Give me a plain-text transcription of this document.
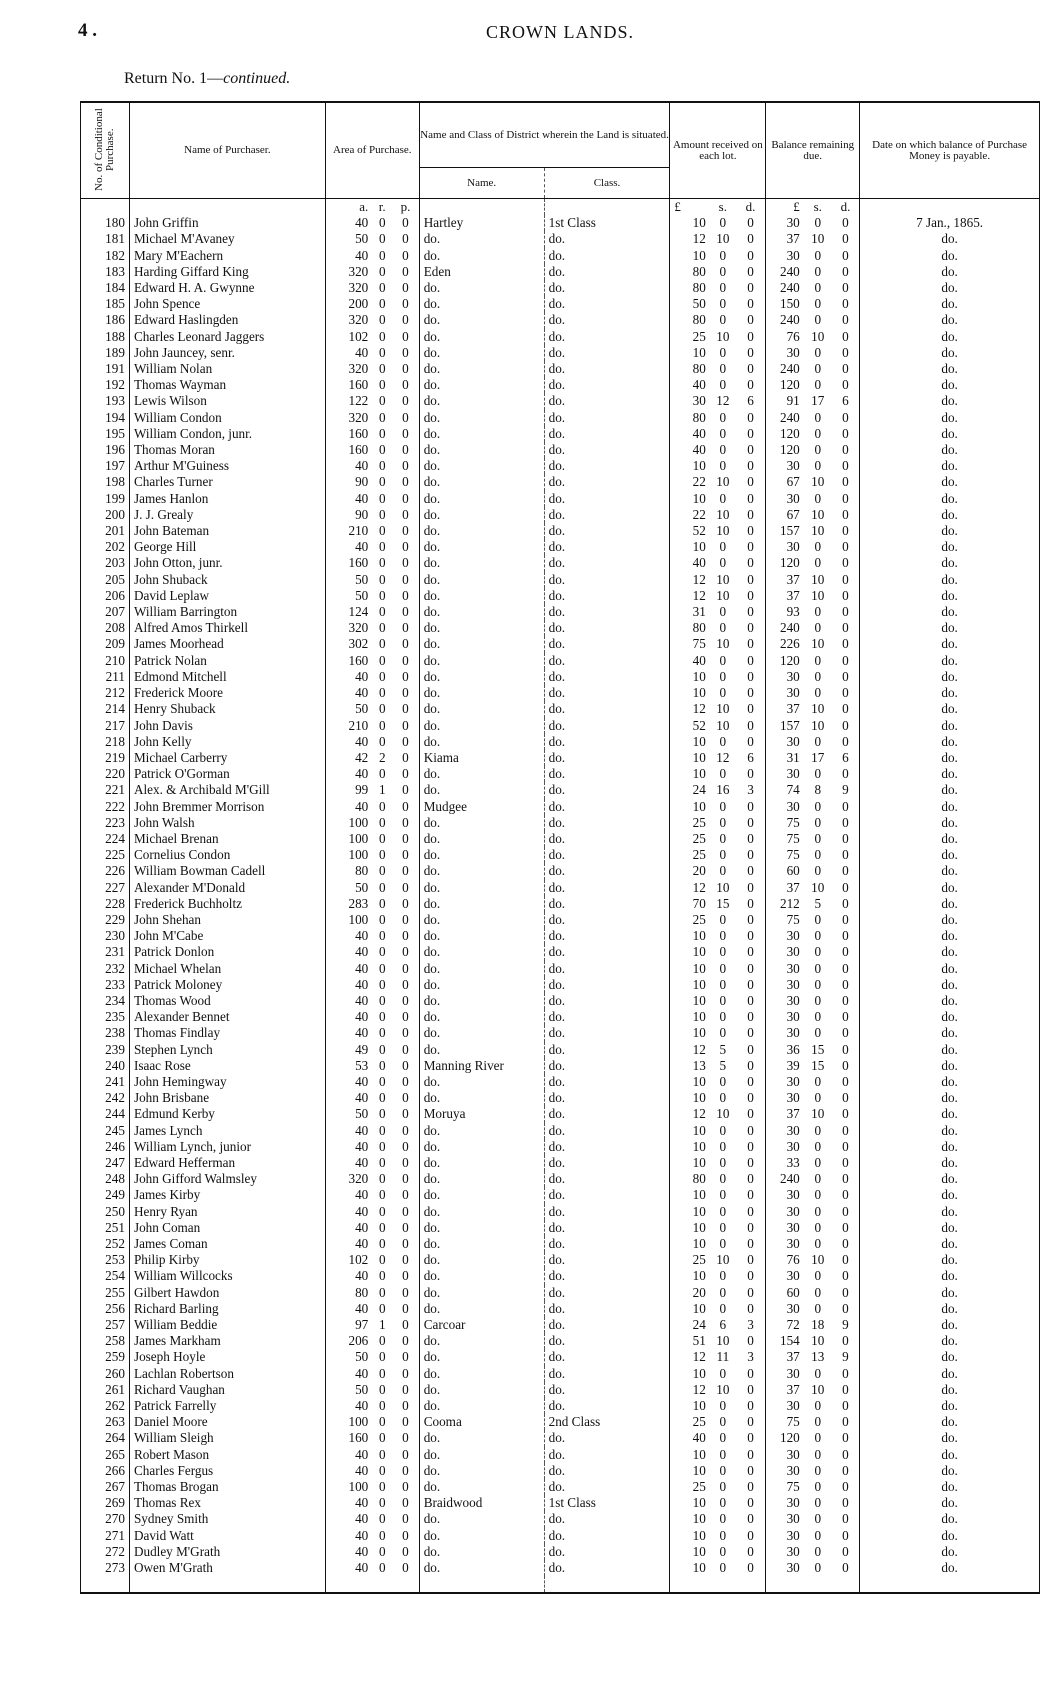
4 .	CROWN LANDS.
Return No. 1—continued.
No. of Conditional Purchase.	Name of Purchaser.	Area of Purchase.			Name and Class of District wherein the Land is situated.		Amount received on each lot.			Balance remaining due.			Date on which balance of Purchase Money is payable.
					Name.	Class.							
		a.	r.	p.			£	s.	d.	£	s.	d.	
180	John Griffin	40	0	0	Hartley	1st Class	10	0	0	30	0	0	7 Jan., 1865.
181	Michael M'Avaney	50	0	0	do.	do.	12	10	0	37	10	0	do.
182	Mary M'Eachern	40	0	0	do.	do.	10	0	0	30	0	0	do.
183	Harding Giffard King	320	0	0	Eden	do.	80	0	0	240	0	0	do.
184	Edward H. A. Gwynne	320	0	0	do.	do.	80	0	0	240	0	0	do.
185	John Spence	200	0	0	do.	do.	50	0	0	150	0	0	do.
186	Edward Haslingden	320	0	0	do.	do.	80	0	0	240	0	0	do.
188	Charles Leonard Jaggers	102	0	0	do.	do.	25	10	0	76	10	0	do.
189	John Jauncey, senr.	40	0	0	do.	do.	10	0	0	30	0	0	do.
191	William Nolan	320	0	0	do.	do.	80	0	0	240	0	0	do.
192	Thomas Wayman	160	0	0	do.	do.	40	0	0	120	0	0	do.
193	Lewis Wilson	122	0	0	do.	do.	30	12	6	91	17	6	do.
194	William Condon	320	0	0	do.	do.	80	0	0	240	0	0	do.
195	William Condon, junr.	160	0	0	do.	do.	40	0	0	120	0	0	do.
196	Thomas Moran	160	0	0	do.	do.	40	0	0	120	0	0	do.
197	Arthur M'Guiness	40	0	0	do.	do.	10	0	0	30	0	0	do.
198	Charles Turner	90	0	0	do.	do.	22	10	0	67	10	0	do.
199	James Hanlon	40	0	0	do.	do.	10	0	0	30	0	0	do.
200	J. J. Grealy	90	0	0	do.	do.	22	10	0	67	10	0	do.
201	John Bateman	210	0	0	do.	do.	52	10	0	157	10	0	do.
202	George Hill	40	0	0	do.	do.	10	0	0	30	0	0	do.
203	John Otton, junr.	160	0	0	do.	do.	40	0	0	120	0	0	do.
205	John Shuback	50	0	0	do.	do.	12	10	0	37	10	0	do.
206	David Leplaw	50	0	0	do.	do.	12	10	0	37	10	0	do.
207	William Barrington	124	0	0	do.	do.	31	0	0	93	0	0	do.
208	Alfred Amos Thirkell	320	0	0	do.	do.	80	0	0	240	0	0	do.
209	James Moorhead	302	0	0	do.	do.	75	10	0	226	10	0	do.
210	Patrick Nolan	160	0	0	do.	do.	40	0	0	120	0	0	do.
211	Edmond Mitchell	40	0	0	do.	do.	10	0	0	30	0	0	do.
212	Frederick Moore	40	0	0	do.	do.	10	0	0	30	0	0	do.
214	Henry Shuback	50	0	0	do.	do.	12	10	0	37	10	0	do.
217	John Davis	210	0	0	do.	do.	52	10	0	157	10	0	do.
218	John Kelly	40	0	0	do.	do.	10	0	0	30	0	0	do.
219	Michael Carberry	42	2	0	Kiama	do.	10	12	6	31	17	6	do.
220	Patrick O'Gorman	40	0	0	do.	do.	10	0	0	30	0	0	do.
221	Alex. & Archibald M'Gill	99	1	0	do.	do.	24	16	3	74	8	9	do.
222	John Bremmer Morrison	40	0	0	Mudgee	do.	10	0	0	30	0	0	do.
223	John Walsh	100	0	0	do.	do.	25	0	0	75	0	0	do.
224	Michael Brenan	100	0	0	do.	do.	25	0	0	75	0	0	do.
225	Cornelius Condon	100	0	0	do.	do.	25	0	0	75	0	0	do.
226	William Bowman Cadell	80	0	0	do.	do.	20	0	0	60	0	0	do.
227	Alexander M'Donald	50	0	0	do.	do.	12	10	0	37	10	0	do.
228	Frederick Buchholtz	283	0	0	do.	do.	70	15	0	212	5	0	do.
229	John Shehan	100	0	0	do.	do.	25	0	0	75	0	0	do.
230	John M'Cabe	40	0	0	do.	do.	10	0	0	30	0	0	do.
231	Patrick Donlon	40	0	0	do.	do.	10	0	0	30	0	0	do.
232	Michael Whelan	40	0	0	do.	do.	10	0	0	30	0	0	do.
233	Patrick Moloney	40	0	0	do.	do.	10	0	0	30	0	0	do.
234	Thomas Wood	40	0	0	do.	do.	10	0	0	30	0	0	do.
235	Alexander Bennet	40	0	0	do.	do.	10	0	0	30	0	0	do.
238	Thomas Findlay	40	0	0	do.	do.	10	0	0	30	0	0	do.
239	Stephen Lynch	49	0	0	do.	do.	12	5	0	36	15	0	do.
240	Isaac Rose	53	0	0	Manning River	do.	13	5	0	39	15	0	do.
241	John Hemingway	40	0	0	do.	do.	10	0	0	30	0	0	do.
242	John Brisbane	40	0	0	do.	do.	10	0	0	30	0	0	do.
244	Edmund Kerby	50	0	0	Moruya	do.	12	10	0	37	10	0	do.
245	James Lynch	40	0	0	do.	do.	10	0	0	30	0	0	do.
246	William Lynch, junior	40	0	0	do.	do.	10	0	0	30	0	0	do.
247	Edward Hefferman	40	0	0	do.	do.	10	0	0	33	0	0	do.
248	John Gifford Walmsley	320	0	0	do.	do.	80	0	0	240	0	0	do.
249	James Kirby	40	0	0	do.	do.	10	0	0	30	0	0	do.
250	Henry Ryan	40	0	0	do.	do.	10	0	0	30	0	0	do.
251	John Coman	40	0	0	do.	do.	10	0	0	30	0	0	do.
252	James Coman	40	0	0	do.	do.	10	0	0	30	0	0	do.
253	Philip Kirby	102	0	0	do.	do.	25	10	0	76	10	0	do.
254	William Willcocks	40	0	0	do.	do.	10	0	0	30	0	0	do.
255	Gilbert Hawdon	80	0	0	do.	do.	20	0	0	60	0	0	do.
256	Richard Barling	40	0	0	do.	do.	10	0	0	30	0	0	do.
257	William Beddie	97	1	0	Carcoar	do.	24	6	3	72	18	9	do.
258	James Markham	206	0	0	do.	do.	51	10	0	154	10	0	do.
259	Joseph Hoyle	50	0	0	do.	do.	12	11	3	37	13	9	do.
260	Lachlan Robertson	40	0	0	do.	do.	10	0	0	30	0	0	do.
261	Richard Vaughan	50	0	0	do.	do.	12	10	0	37	10	0	do.
262	Patrick Farrelly	40	0	0	do.	do.	10	0	0	30	0	0	do.
263	Daniel Moore	100	0	0	Cooma	2nd Class	25	0	0	75	0	0	do.
264	William Sleigh	160	0	0	do.	do.	40	0	0	120	0	0	do.
265	Robert Mason	40	0	0	do.	do.	10	0	0	30	0	0	do.
266	Charles Fergus	40	0	0	do.	do.	10	0	0	30	0	0	do.
267	Thomas Brogan	100	0	0	do.	do.	25	0	0	75	0	0	do.
269	Thomas Rex	40	0	0	Braidwood	1st Class	10	0	0	30	0	0	do.
270	Sydney Smith	40	0	0	do.	do.	10	0	0	30	0	0	do.
271	David Watt	40	0	0	do.	do.	10	0	0	30	0	0	do.
272	Dudley M'Grath	40	0	0	do.	do.	10	0	0	30	0	0	do.
273	Owen M'Grath	40	0	0	do.	do.	10	0	0	30	0	0	do.
